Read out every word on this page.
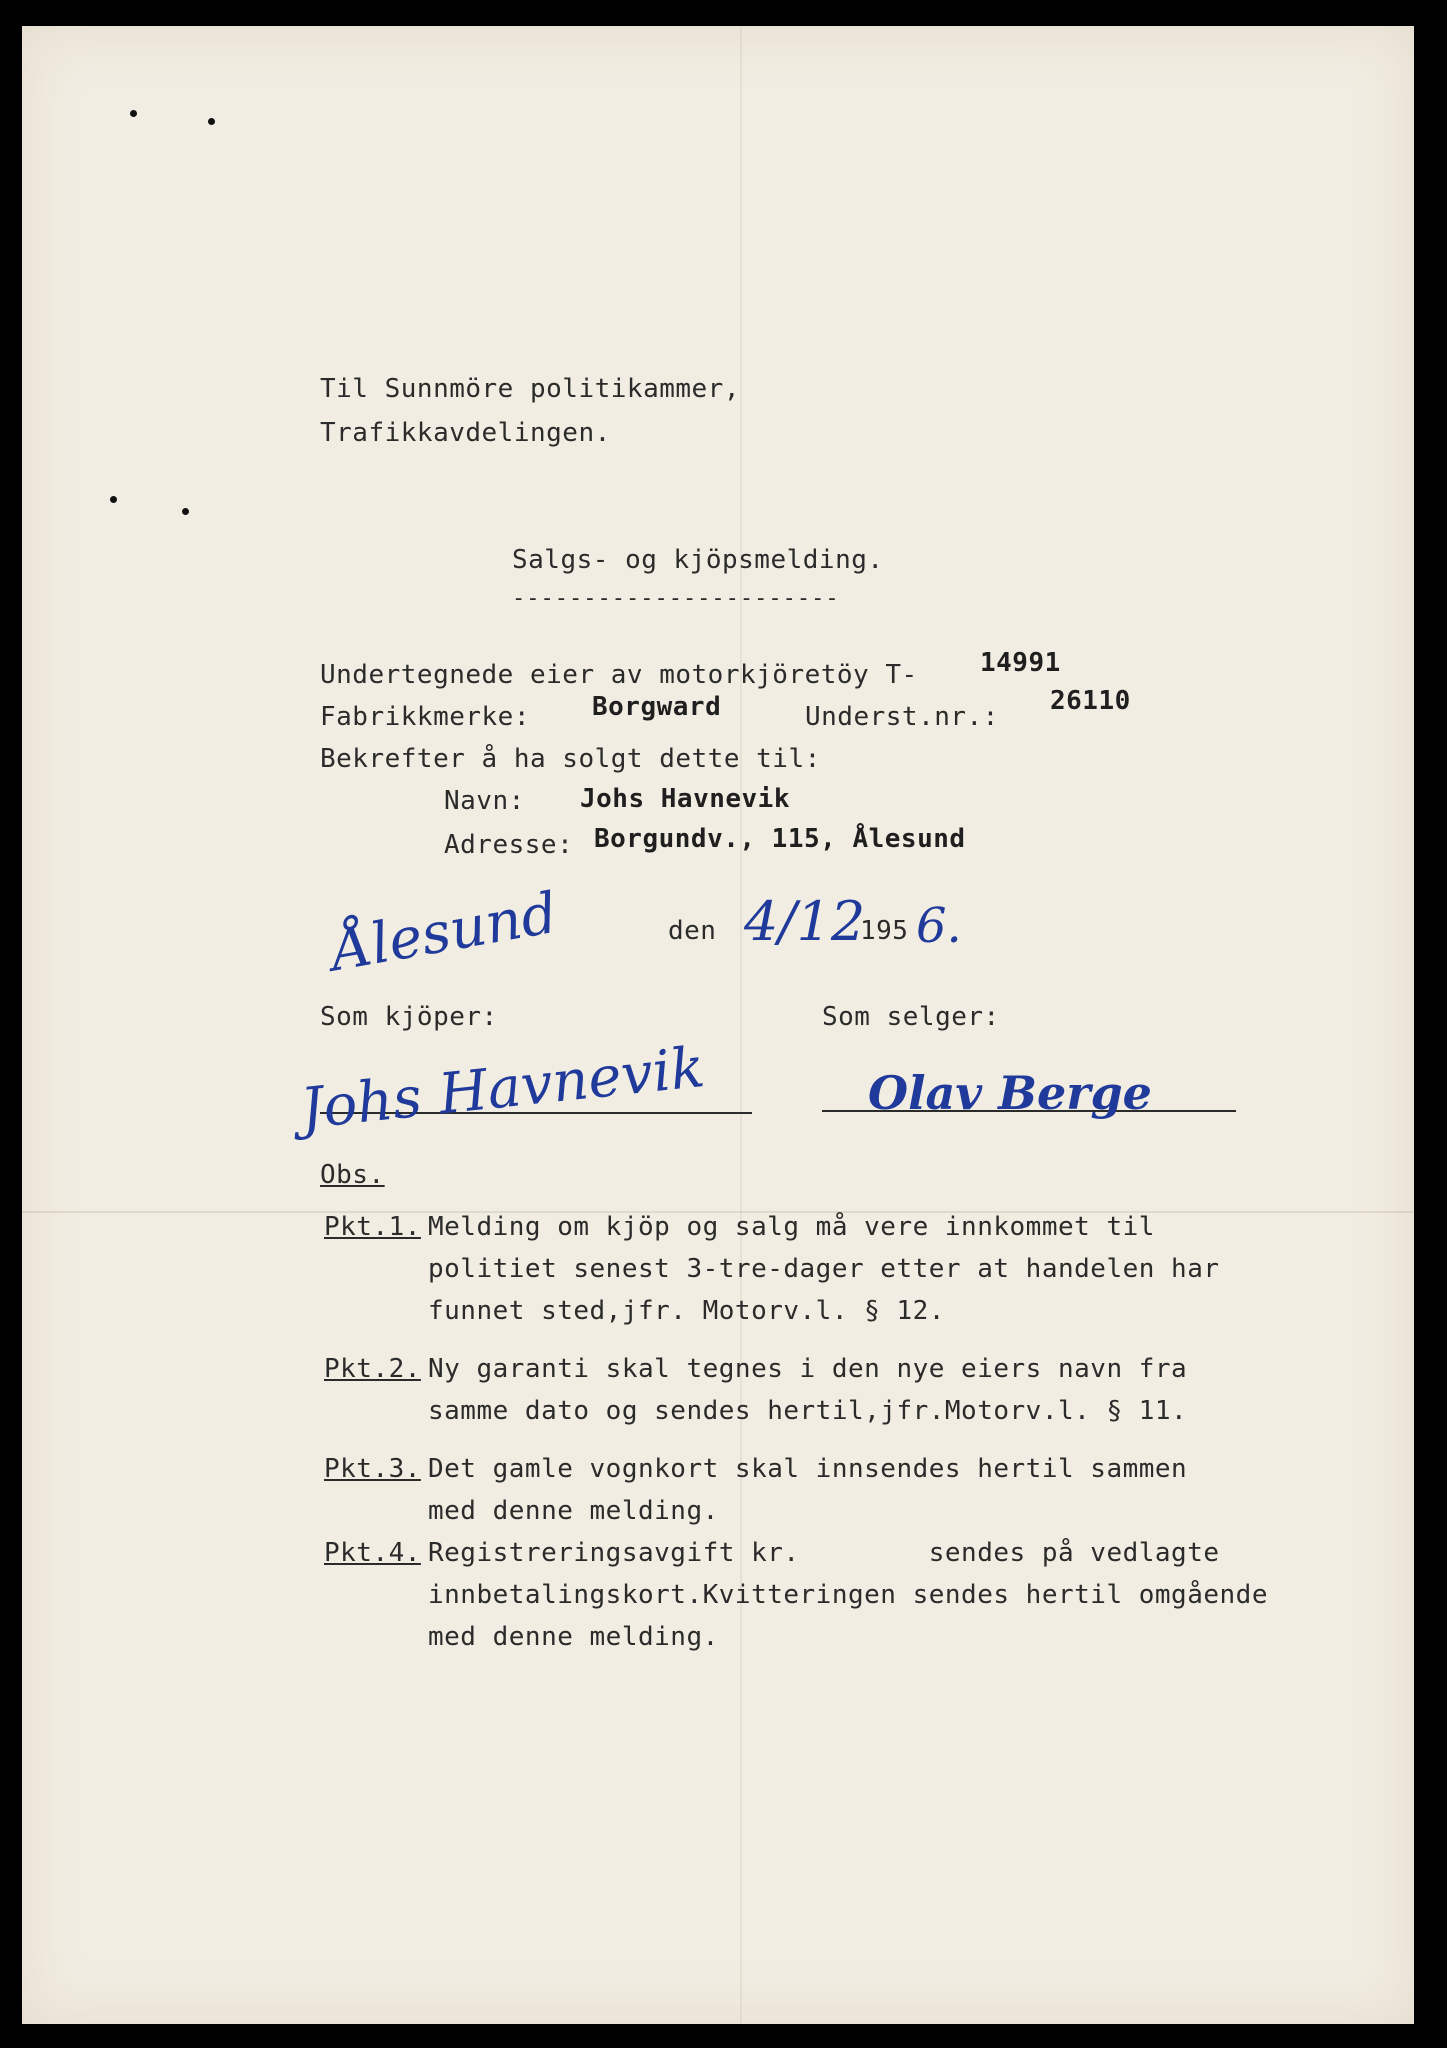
Til Sunnmöre politikammer,
Trafikkavdelingen.
Salgs- og kjöpsmelding.
-----------------------
Undertegnede eier av motorkjöretöy T- 14991
Fabrikkmerke: Borgward	Underst.nr.:
26110
Bekrefter å ha solgt dette til:
Navn: Johs Havnevik
Adresse: Borgundv., 115, Ålesund
Ålesund	den 4/12
195 6.
Som kjöper:	Som selger:
Johs Havnevik	Olav Berge
Obs.
Pkt.1. Melding om kjöp og salg må vere innkommet til
politiet senest 3-tre-dager etter at handelen har
funnet sted,jfr. Motorv.l. § 12.
Pkt.2. Ny garanti skal tegnes i den nye eiers navn fra
samme dato og sendes hertil,jfr.Motorv.l. § 11.
Pkt.3. Det gamle vognkort skal innsendes hertil sammen
med denne melding.
Pkt.4. Registreringsavgift kr.        sendes på vedlagte
innbetalingskort.Kvitteringen sendes hertil omgående
med denne melding.
